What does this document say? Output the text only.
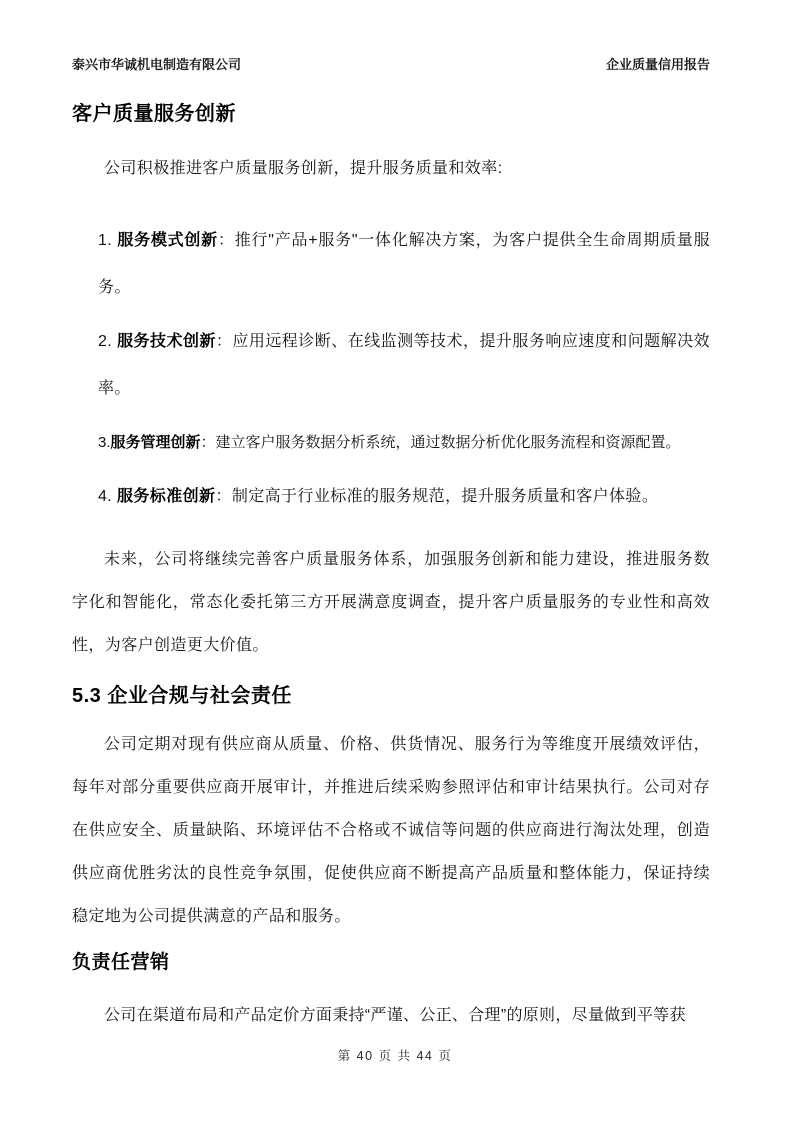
泰兴市华诚机电制造有限公司	企业质量信用报告
客户质量服务创新

公司积极推进客户质量服务创新，提升服务质量和效率:

1. 服务模式创新：推行"产品+服务"一体化解决方案，为客户提供全生命周期质量服 务。
2. 服务技术创新：应用远程诊断、在线监测等技术，提升服务响应速度和问题解决效率。
3.服务管理创新：建立客户服务数据分析系统，通过数据分析优化服务流程和资源配置。
4. 服务标准创新：制定高于行业标准的服务规范，提升服务质量和客户体验。

未来，公司将继续完善客户质量服务体系，加强服务创新和能力建设，推进服务数字化和智能化，常态化委托第三方开展满意度调查，提升客户质量服务的专业性和高效性，为客户创造更大价值。

5.3 企业合规与社会责任

公司定期对现有供应商从质量、价格、供货情况、服务行为等维度开展绩效评估，每年对部分重要供应商开展审计，并推进后续采购参照评估和审计结果执行。公司对存在供应安全、质量缺陷、环境评估不合格或不诚信等问题的供应商进行淘汰处理，创造供应商优胜劣汰的良性竞争氛围，促使供应商不断提高产品质量和整体能力，保证持续稳定地为公司提供满意的产品和服务。

负责任营销

公司在渠道布局和产品定价方面秉持“严谨、公正、合理”的原则，尽量做到平等获

第 40 页 共 44 页
